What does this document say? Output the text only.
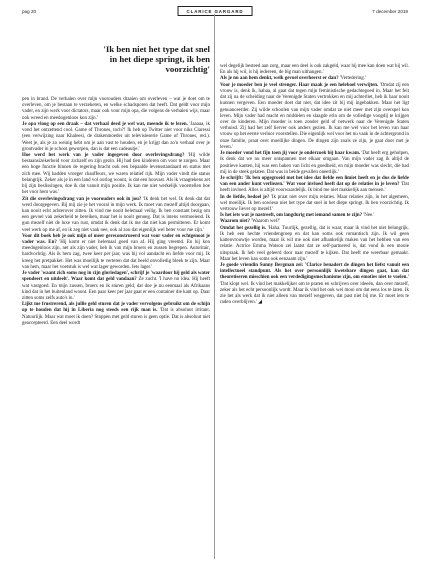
pag 20	CLARICE GARGARD	7 december 2019
'Ik ben niet het type dat snel in het diepe springt, ik ben voorzichtig'

pen in brand. De verhalen over mijn voorouders draaien om overleven – wat je doet om te overleven, om je bestaan te verzekeren, en welke schadsporen dat heeft. Dat geldt voor mijn vader, en zijn werk voor dictators, maar ook voor mijn opa, die volgens de verhalen wijs, maar ook wreed en meedogenloos kon zijn.'

Je opa vloog op een draak – dat verhaal deed je wel wat, meende ik te lezen. 'Jaaaaa, ik vond het ontzettend cool. Game of Thrones, toch?! Ik heb op Twitter niet voor niks Claressi (een verwijzing naar Khaleesi, de drakenmoeder uit televisieserie Game of Thrones, red.). Weet je, als je zo weinig hebt om je aan vast te houden, en je krijgt dan zo'n verhaal over je grootvader in je schoot geworpen, dan is dat een cadeautje.'

Hoe werd het werk van je vader ingegeven door overlevingsdrang? 'Hij wilde bestaansizekerheid voor zichzelf en zijn gezin. Hij had tien kinderen om voor te zorgen. Maar een hoge functie binnen de regering bracht ook een bepaalde levensstandaard en status met zich mee. Wij hadden vroeger chauffeurs, we waren relatief rijk. Mijn vader vindt die status belangrijk. Zeker als je in een land vol oorlog woont, is dat een houvast. Als ik vraagtekens zet bij zijn beslissingen, doe ik dat vanuit mijn positie. Ik kan me niet werkelijk voorstellen hoe het voor hem was.'

Zit die overlevingsdrang van je voorouders ook in jou? 'Ik denk het wel. Ik denk dat dat werd doorgegeven. Bij mij zie je het vooral in mijn werk. Ik moet van mezelf altijd doorgaan, kan nooit echt achterover zitten. Ik vind me nooit helemaal veilig. Ik ben constant bezig om een gevoel van zekerheid te bereiken, maar het is nooit genoeg. Dat is intens vermoeiend. Ik gun mezelf niet de luxe van rust, omdat ik denk dat ik me dat niet kan permitteren. Er komt veel werk op me af, en ik zeg niet vaak nee, ook al zou dat eigenlijk wel beter voor me zijn.'

Voor dit boek heb je ook mijn of meer gereconstrueerd wat voor vader en echtgenoot je vader was. En? 'Hij komt er niet helemaal goed van af. Hij ging vreemd. En hij kon meedogenloos zijn, net als zijn vader, heb ik van mijn broers en zussen begrepen. Autoritair, hardvochtig. Als ik hem zag, twee keer per jaar, was hij vol aandacht en liefde voor mij. Ik kreeg het pretpakket. Het was moeilijk te verteren dat dat beeld onvolledig bleek te zijn. Maar van hem, maar het voetstuk is wel wat lager geworden. Iets lager.'

Je vader 'waant zich soms nog in zijn gloriedagen', schrijf je 'waardoor hij geld als water spendeert en uitdeelt'. Waar komt dat geld vandaan? Ze zucht. 'I have no idea. Hij heeft wat vastgoed. En mijn zussen, broers en ik sturen geld, dat doe je nu eenmaal als Afrikaans kind dat in het buitenland woont. Een paar keer per jaar gaat er een container die kant op. Daar zitten soms zelfs auto's in.'

Lijkt me frustrerend, als jullie geld sturen dat je vader vervolgens gebruikt om de schijn op te houden dat hij in Liberia nog steeds een rijk man is. 'Dat is absoluut irritant. Natuurlijk. Maar wat moet ik doen? Stoppen met geld sturen is geen optie. Dat is absoluut niet geaccepteerd. Een deel wordt

wel degelijk besteed aan zorg, maar een deel is ook zakgeld, waar hij mee kan doen wat hij wil. En als hij wil, is hij iedereen, de big man uithangen.'

Als je nu aan hem denkt, welk gevoel overheerst er dan? 'Vertedering.'

Voor je moeder ben je veel strenger. Haar maak je een heleboel verwijten. 'Omdat zij een vrouw is, denk ik, hahaa, al gaat dat tegen mijn feministische gedachtegoed in. Maar het feit dat zij na de scheiding naar de Verenigde Staten vertrokken en mij achterliet, heb ik haar nooit kunnen vergeven. Een moeder doet dat niet, dat idee zit bij mij ingebakken. Maar het ligt genuanceerder. Zij wilde schoolen van mijn vader omdat ze niet meer met zijn overspel kon leven. Mijn vader had macht en middelen en slaagde erin om de volledige voogdij te krijgen over de kinderen. Mijn moeder is toen zonder geld of netwerk naar de Verenigde Staten verhuisd. Zij had het zelf lierver ook anders gezien. Ik kan me wel voor het leven van haar vrouw op het eerste verloor voorstellen. Die eigenlijk wel voor het nu vaak in de achtergrond in onze familie, praat over moeilijke dingen. De dingen zijn zoals ze zijn, je gaat door met je leven.'

Je moeder vond het fijn toen jij voor je onderzoek bij haar kwam. 'Dat heeft erg geholpen, ik denk dat we nu meer ontspannen met elkaar omgaan. Van mijn vader zag ik altijd de positieve kanten, hij was een baken van licht en goedheid, en mijn moeder was slecht, die had mij in de steek gelaten. Dat was in beide gevallen oneerlijk.'

Je schrijft: 'Ik ben opgegroeid met het idee dat liefde een limiet heeft en je dus de liefde van een ander kunt verliezen.' Wat voor invloed heeft dat op de relaties in je leven? 'Dat heeft invloed. Alles is altijd voorwaardelijk. Ik bind me niet makkelijk aan mensen.'

In de liefde, bedoel je? 'Ik praat niet over mijn relaties. Maar relaties zijn, in het algemeen, wel moeilijk. Ik ben sowieso niet het type dat snel in het diepe springt. Ik ben voorzichtig. Ik vertrouw liever op mezelf.'

Is het iets wat je nastreeft, om langdurig met iemand samen te zijn? 'Nee.'

Waarom niet? 'Waarom wel?'

Omdat het gezellig is. 'Haha. Tuurlijk, gezellig, dat is waar, maar ik vind het niet belangrijk. Ik heb een hechte vriendengroep en dat kan soms ook romantisch zijn. Ik wil geen kattenvrouwtje worden, maar ik wil me ook niet afhankelijk maken van het hebben van een relatie. Actrice Emma Watson zei laatst dat ze self-partnered is, dat vond ik een mooie uitspraak. Ik heb veel geleerd door naar mezelf te kijken. Dat heeft me weerbaar gemaakt. Maar het leven kan soms ook eenzaam zijn.'

Je goede vriendin Sunny Bergman zei: 'Clarice benadert de dingen het liefst vanuit een intellectueel standpunt. Als het over persoonlijk kwetsbare dingen gaat, kan dat theoretiseren misschien ook een verdedigingsmechanisme zijn, om emoties niet te voelen.' 'Dat klopt wel. Ik vind het makkelijker om te praten en schrijven over ideeën, dan over mezelf, zeker als het echt persoonlijk wordt. Maar ik vind het ook wel mooi om dat eens los te laten. Ik zie het als werk dat ik niet alleen van mezelf weggeven, dat past niet bij me. Er moet iets te raden overblijven.' ◢
